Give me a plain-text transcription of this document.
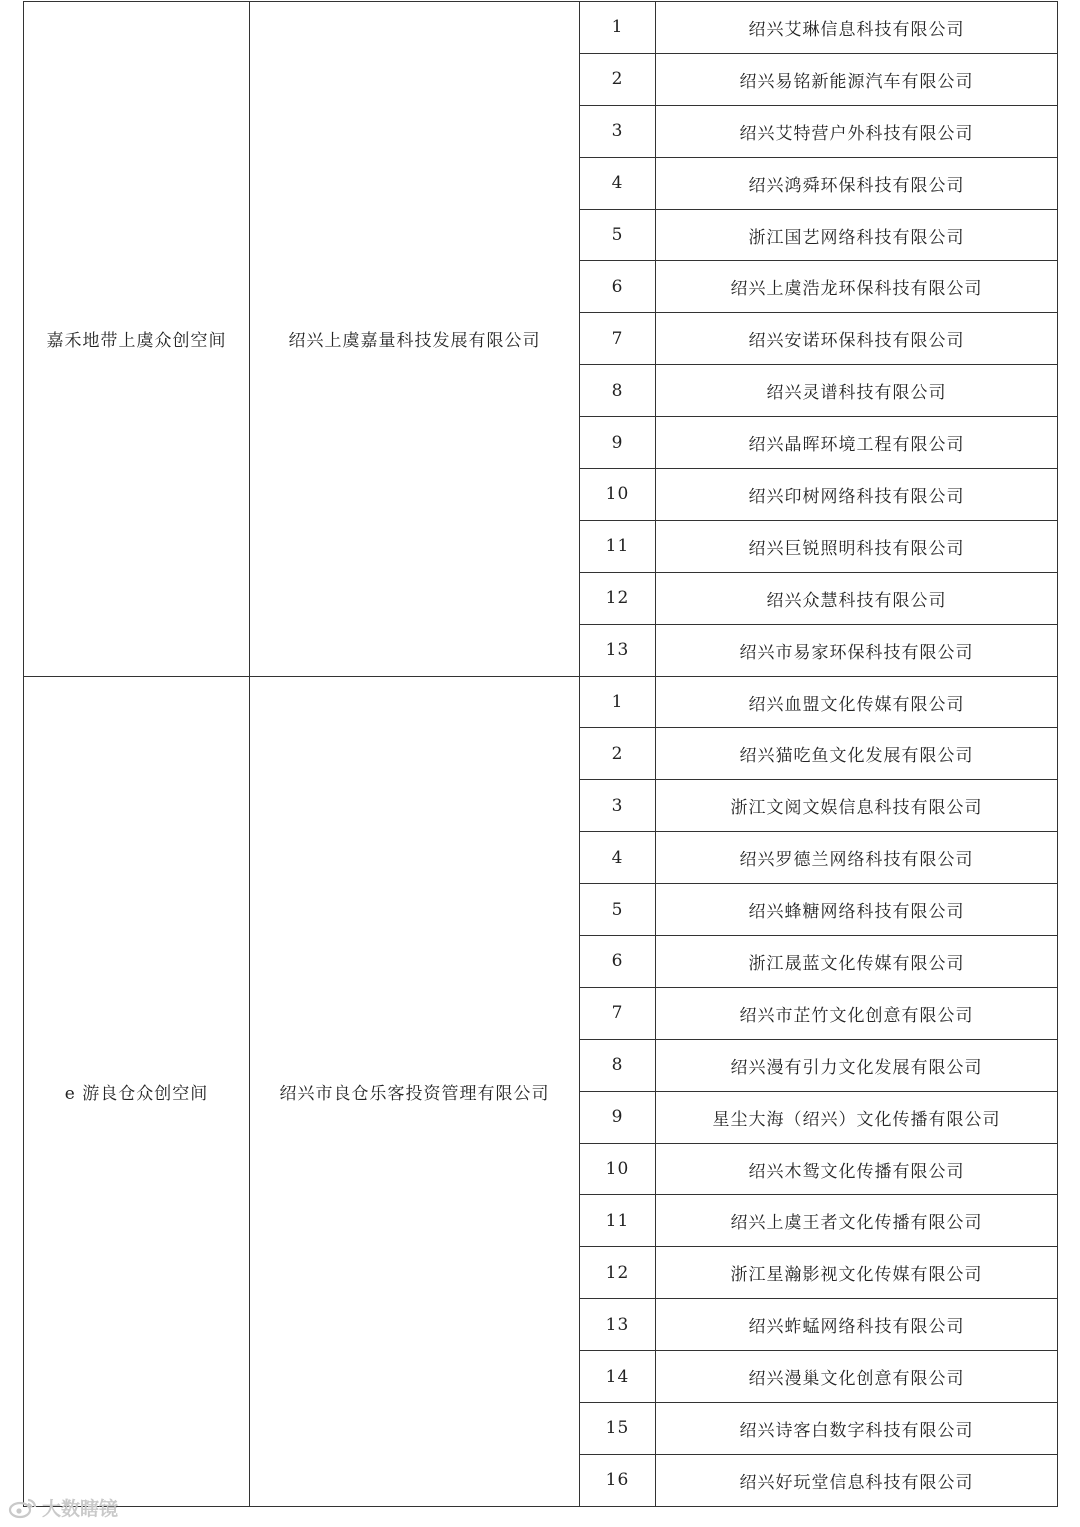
嘉禾地带上虞众创空间	绍兴上虞嘉量科技发展有限公司	1	绍兴艾琳信息科技有限公司
		2	绍兴易铭新能源汽车有限公司
		3	绍兴艾特营户外科技有限公司
		4	绍兴鸿舜环保科技有限公司
		5	浙江国艺网络科技有限公司
		6	绍兴上虞浩龙环保科技有限公司
		7	绍兴安诺环保科技有限公司
		8	绍兴灵谱科技有限公司
		9	绍兴晶晖环境工程有限公司
		10	绍兴印树网络科技有限公司
		11	绍兴巨锐照明科技有限公司
		12	绍兴众慧科技有限公司
		13	绍兴市易家环保科技有限公司
e 游良仓众创空间	绍兴市良仓乐客投资管理有限公司	1	绍兴血盟文化传媒有限公司
		2	绍兴猫吃鱼文化发展有限公司
		3	浙江文阅文娱信息科技有限公司
		4	绍兴罗德兰网络科技有限公司
		5	绍兴蜂糖网络科技有限公司
		6	浙江晟蓝文化传媒有限公司
		7	绍兴市芷竹文化创意有限公司
		8	绍兴漫有引力文化发展有限公司
		9	星尘大海（绍兴）文化传播有限公司
		10	绍兴木鸳文化传播有限公司
		11	绍兴上虞王者文化传播有限公司
		12	浙江星瀚影视文化传媒有限公司
		13	绍兴蚱蜢网络科技有限公司
		14	绍兴漫巢文化创意有限公司
		15	绍兴诗客白数字科技有限公司
		16	绍兴好玩堂信息科技有限公司
大数瞎镜
